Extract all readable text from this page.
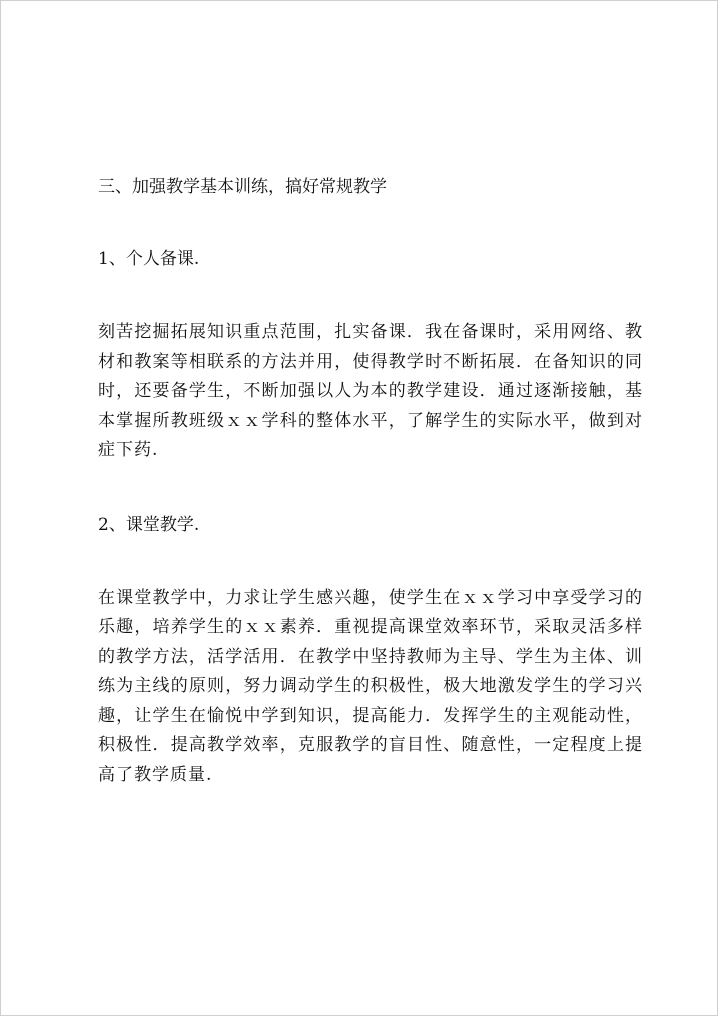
三、加强教学基本训练，搞好常规教学

1、个人备课.

刻苦挖掘拓展知识重点范围，扎实备课．我在备课时，采用网络、教材和教案等相联系的方法并用，使得教学时不断拓展．在备知识的同时，还要备学生，不断加强以人为本的教学建设．通过逐渐接触，基本掌握所教班级ｘｘ学科的整体水平，了解学生的实际水平，做到对症下药.

2、课堂教学.

在课堂教学中，力求让学生感兴趣，使学生在ｘｘ学习中享受学习的乐趣，培养学生的ｘｘ素养．重视提高课堂效率环节，采取灵活多样的教学方法，活学活用．在教学中坚持教师为主导、学生为主体、训练为主线的原则，努力调动学生的积极性，极大地激发学生的学习兴趣，让学生在愉悦中学到知识，提高能力．发挥学生的主观能动性，积极性．提高教学效率，克服教学的盲目性、随意性，一定程度上提高了教学质量.
